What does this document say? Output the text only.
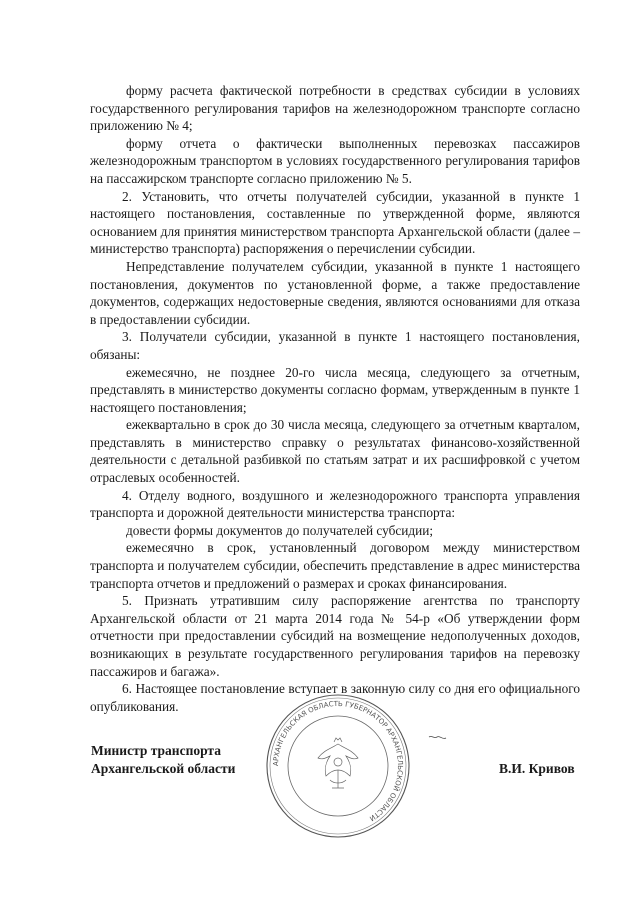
форму расчета фактической потребности в средствах субсидии в условиях государственного регулирования тарифов на железнодорожном транспорте согласно приложению № 4;

форму отчета о фактически выполненных перевозках пассажиров железнодорожным транспортом в условиях государственного регулирования тарифов на пассажирском транспорте согласно приложению № 5.

2. Установить, что отчеты получателей субсидии, указанной в пункте 1 настоящего постановления, составленные по утвержденной форме, являются основанием для принятия министерством транспорта Архангельской области (далее – министерство транспорта) распоряжения о перечислении субсидии.

Непредставление получателем субсидии, указанной в пункте 1 настоящего постановления, документов по установленной форме, а также предоставление документов, содержащих недостоверные сведения, являются основаниями для отказа в предоставлении субсидии.

3. Получатели субсидии, указанной в пункте 1 настоящего постановления, обязаны:

ежемесячно, не позднее 20-го числа месяца, следующего за отчетным, представлять в министерство документы согласно формам, утвержденным в пункте 1 настоящего постановления;

ежеквартально в срок до 30 числа месяца, следующего за отчетным кварталом, представлять в министерство справку о результатах финансово-хозяйственной деятельности с детальной разбивкой по статьям затрат и их расшифровкой с учетом отраслевых особенностей.

4. Отделу водного, воздушного и железнодорожного транспорта управления транспорта и дорожной деятельности министерства транспорта:

довести формы документов до получателей субсидии;

ежемесячно в срок, установленный договором между министерством транспорта и получателем субсидии, обеспечить представление в адрес министерства транспорта отчетов и предложений о размерах и сроках финансирования.

5. Признать утратившим силу распоряжение агентства по транспорту Архангельской области от 21 марта 2014 года № 54-р «Об утверждении форм отчетности при предоставлении субсидий на возмещение недополученных доходов, возникающих в результате государственного регулирования тарифов на перевозку пассажиров и багажа».

6. Настоящее постановление вступает в законную силу со дня его официального опубликования.

Министр транспорта
Архангельской области	АРХАНГЕЛЬСКАЯ ОБЛАСТЬ ГУБЕРНАТОР АРХАНГЕЛЬСКОЙ ОБЛАСТИ
В.И. Кривов
